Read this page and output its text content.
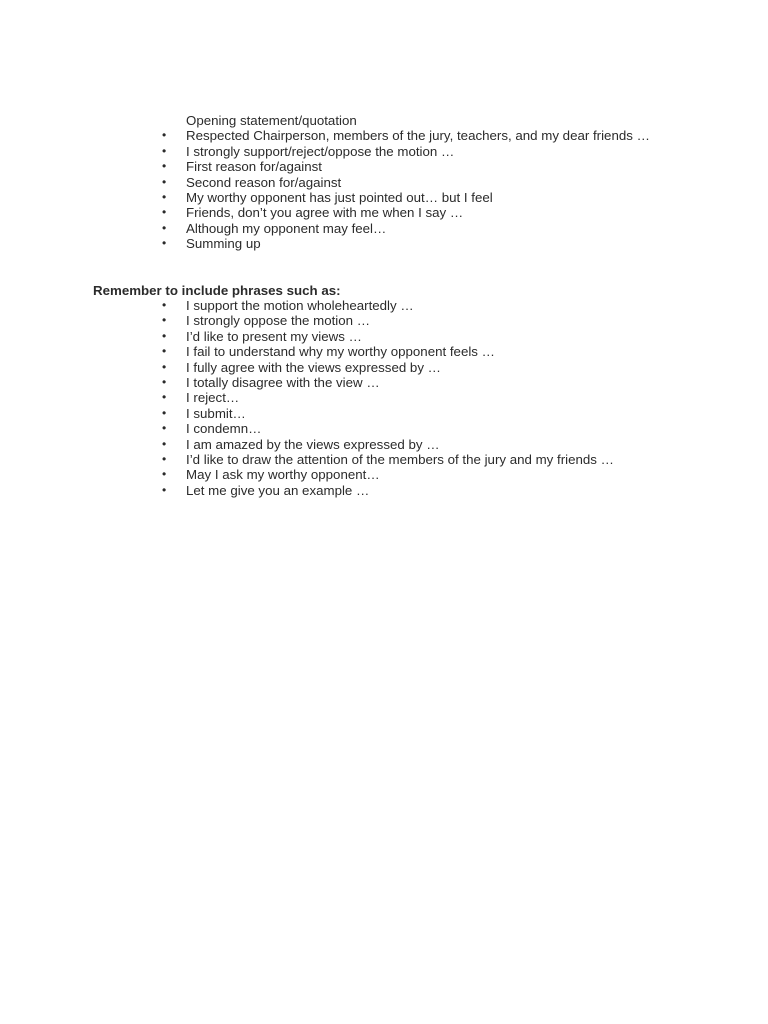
Opening statement/quotation
•	Respected Chairperson, members of the jury, teachers, and my dear friends …
•	I strongly support/reject/oppose the motion …
•	First reason for/against
•	Second reason for/against
•	My worthy opponent has just pointed out… but I feel
•	Friends, don’t you agree with me when I say …
•	Although my opponent may feel…
•	Summing up

Remember to include phrases such as:

•	I support the motion wholeheartedly …
•	I strongly oppose the motion …
•	I’d like to present my views …
•	I fail to understand why my worthy opponent feels …
•	I fully agree with the views expressed by …
•	I totally disagree with the view …
•	I reject…
•	I submit…
•	I condemn…
•	I am amazed by the views expressed by …
•	I’d like to draw the attention of the members of the jury and my friends …
•	May I ask my worthy opponent…
•	Let me give you an example …
